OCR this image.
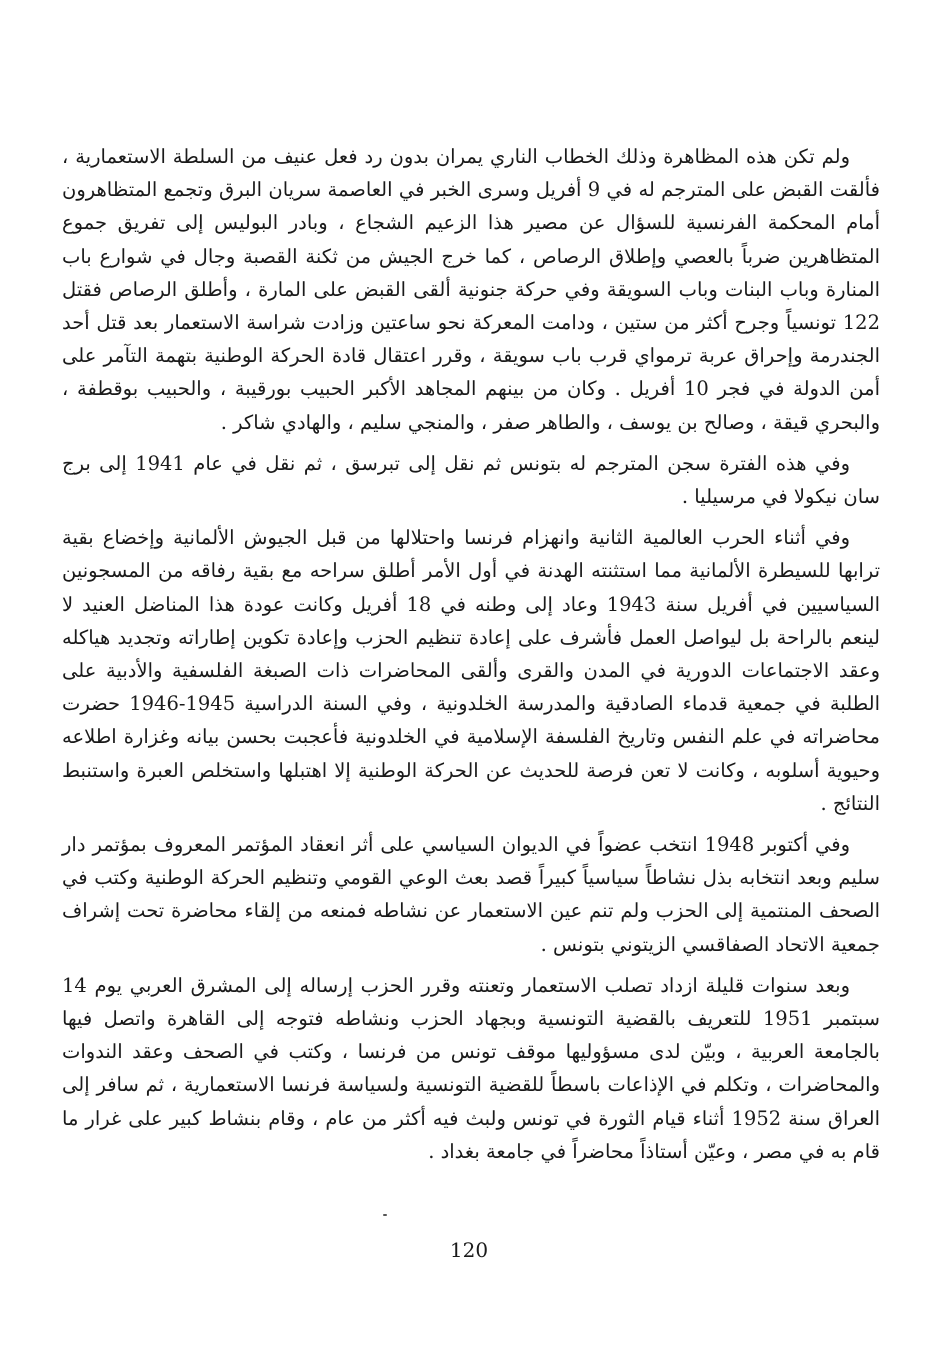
ولم تكن هذه المظاهرة وذلك الخطاب الناري يمران بدون رد فعل عنيف من السلطة الاستعمارية ، فألقت القبض على المترجم له في 9 أفريل وسرى الخبر في العاصمة سريان البرق وتجمع المتظاهرون أمام المحكمة الفرنسية للسؤال عن مصير هذا الزعيم الشجاع ، وبادر البوليس إلى تفريق جموع المتظاهرين ضرباً بالعصي وإطلاق الرصاص ، كما خرج الجيش من ثكنة القصبة وجال في شوارع باب المنارة وباب البنات وباب السويقة وفي حركة جنونية ألقى القبض على المارة ، وأطلق الرصاص فقتل 122 تونسياً وجرح أكثر من ستين ، ودامت المعركة نحو ساعتين وزادت شراسة الاستعمار بعد قتل أحد الجندرمة وإحراق عربة ترمواي قرب باب سويقة ، وقرر اعتقال قادة الحركة الوطنية بتهمة التآمر على أمن الدولة في فجر 10 أفريل . وكان من بينهم المجاهد الأكبر الحبيب بورقيبة ، والحبيب بوقطفة ، والبحري قيقة ، وصالح بن يوسف ، والطاهر صفر ، والمنجي سليم ، والهادي شاكر .

وفي هذه الفترة سجن المترجم له بتونس ثم نقل إلى تبرسق ، ثم نقل في عام 1941 إلى برج سان نيكولا في مرسيليا .

وفي أثناء الحرب العالمية الثانية وانهزام فرنسا واحتلالها من قبل الجيوش الألمانية وإخضاع بقية ترابها للسيطرة الألمانية مما استثنته الهدنة في أول الأمر أطلق سراحه مع بقية رفاقه من المسجونين السياسيين في أفريل سنة 1943 وعاد إلى وطنه في 18 أفريل وكانت عودة هذا المناضل العنيد لا لينعم بالراحة بل ليواصل العمل فأشرف على إعادة تنظيم الحزب وإعادة تكوين إطاراته وتجديد هياكله وعقد الاجتماعات الدورية في المدن والقرى وألقى المحاضرات ذات الصبغة الفلسفية والأدبية على الطلبة في جمعية قدماء الصادقية والمدرسة الخلدونية ، وفي السنة الدراسية 1945-1946 حضرت محاضراته في علم النفس وتاريخ الفلسفة الإسلامية في الخلدونية فأعجبت بحسن بيانه وغزارة اطلاعه وحيوية أسلوبه ، وكانت لا تعن فرصة للحديث عن الحركة الوطنية إلا اهتبلها واستخلص العبرة واستنبط النتائج .

وفي أكتوبر 1948 انتخب عضواً في الديوان السياسي على أثر انعقاد المؤتمر المعروف بمؤتمر دار سليم وبعد انتخابه بذل نشاطاً سياسياً كبيراً قصد بعث الوعي القومي وتنظيم الحركة الوطنية وكتب في الصحف المنتمية إلى الحزب ولم تنم عين الاستعمار عن نشاطه فمنعه من إلقاء محاضرة تحت إشراف جمعية الاتحاد الصفاقسي الزيتوني بتونس .

وبعد سنوات قليلة ازداد تصلب الاستعمار وتعنته وقرر الحزب إرساله إلى المشرق العربي يوم 14 سبتمبر 1951 للتعريف بالقضية التونسية وبجهاد الحزب ونشاطه فتوجه إلى القاهرة واتصل فيها بالجامعة العربية ، وبيّن لدى مسؤوليها موقف تونس من فرنسا ، وكتب في الصحف وعقد الندوات والمحاضرات ، وتكلم في الإذاعات باسطاً للقضية التونسية ولسياسة فرنسا الاستعمارية ، ثم سافر إلى العراق سنة 1952 أثناء قيام الثورة في تونس ولبث فيه أكثر من عام ، وقام بنشاط كبير على غرار ما قام به في مصر ، وعيّن أستاذاً محاضراً في جامعة بغداد .

120
